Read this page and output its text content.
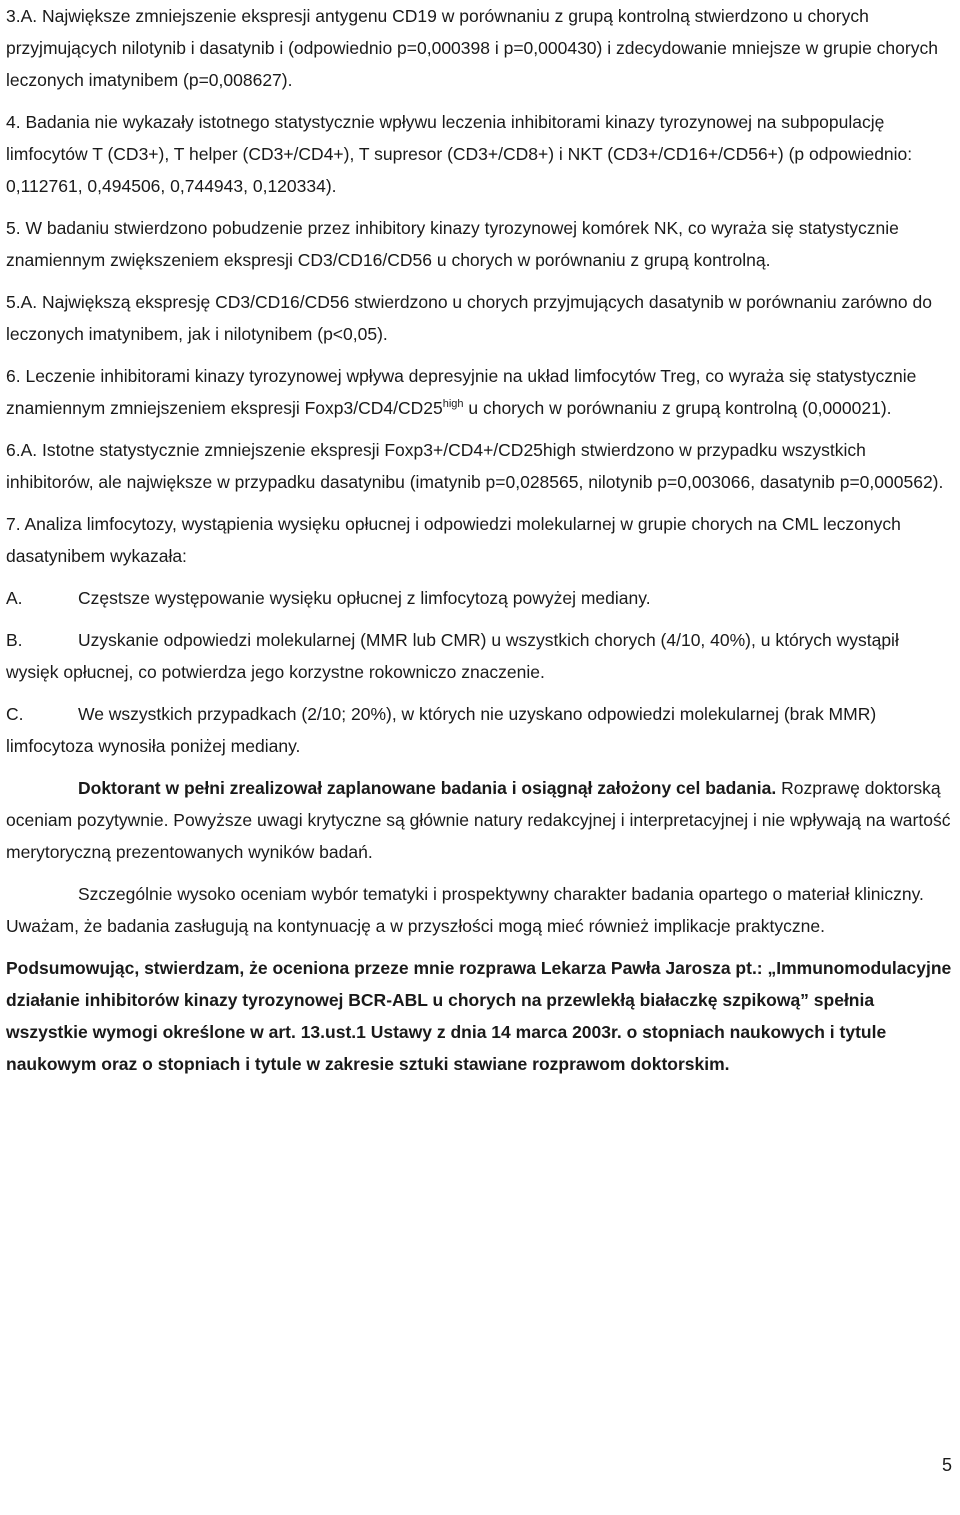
3.A. Największe zmniejszenie ekspresji antygenu CD19 w porównaniu z grupą kontrolną stwierdzono u chorych przyjmujących nilotynib i dasatynib i (odpowiednio p=0,000398 i p=0,000430) i zdecydowanie mniejsze w grupie chorych leczonych imatynibem (p=0,008627).

4. Badania nie wykazały istotnego statystycznie wpływu leczenia inhibitorami kinazy tyrozynowej na subpopulację limfocytów T (CD3+), T helper (CD3+/CD4+), T supresor (CD3+/CD8+) i NKT (CD3+/CD16+/CD56+) (p odpowiednio: 0,112761, 0,494506, 0,744943, 0,120334).

5. W badaniu stwierdzono pobudzenie przez inhibitory kinazy tyrozynowej komórek NK, co wyraża się statystycznie znamiennym zwiększeniem ekspresji CD3/CD16/CD56 u chorych w porównaniu z grupą kontrolną.

5.A. Największą ekspresję CD3/CD16/CD56 stwierdzono u chorych przyjmujących dasatynib w porównaniu zarówno do leczonych imatynibem, jak i nilotynibem (p<0,05).

6. Leczenie inhibitorami kinazy tyrozynowej wpływa depresyjnie na układ limfocytów Treg, co wyraża się statystycznie znamiennym zmniejszeniem ekspresji $Foxp3/CD4/CD25^{high}$ u chorych w porównaniu z grupą kontrolną (0,000021).

6.A. Istotne statystycznie zmniejszenie ekspresji Foxp3+/CD4+/CD25high stwierdzono w przypadku wszystkich inhibitorów, ale największe w przypadku dasatynibu (imatynib p=0,028565, nilotynib p=0,003066, dasatynib p=0,000562).

7. Analiza limfocytozy, wystąpienia wysięku opłucnej i odpowiedzi molekularnej w grupie chorych na CML leczonych dasatynibem wykazała:

A.	Częstsze występowanie wysięku opłucnej z limfocytozą powyżej mediany.

B.	Uzyskanie odpowiedzi molekularnej (MMR lub CMR) u wszystkich chorych (4/10, 40%), u których wystąpił wysięk opłucnej, co potwierdza jego korzystne rokowniczo znaczenie.

C.	We wszystkich przypadkach (2/10; 20%), w których nie uzyskano odpowiedzi molekularnej (brak MMR) limfocytoza wynosiła poniżej mediany.

Doktorant w pełni zrealizował zaplanowane badania i osiągnął założony cel badania. Rozprawę doktorską oceniam pozytywnie. Powyższe uwagi krytyczne są głównie natury redakcyjnej i interpretacyjnej i nie wpływają na wartość merytoryczną prezentowanych wyników badań.

Szczególnie wysoko oceniam wybór tematyki i prospektywny charakter badania opartego o materiał kliniczny. Uważam, że badania zasługują na kontynuację a w przyszłości mogą mieć również implikacje praktyczne.

Podsumowując, stwierdzam, że oceniona przeze mnie rozprawa Lekarza Pawła Jarosza pt.: „Immunomodulacyjne działanie inhibitorów kinazy tyrozynowej BCR-ABL u chorych na przewlekłą białaczkę szpikową” spełnia wszystkie wymogi określone w art. 13.ust.1 Ustawy z dnia 14 marca 2003r. o stopniach naukowych i tytule naukowym oraz o stopniach i tytule w zakresie sztuki stawiane rozprawom doktorskim.

5
